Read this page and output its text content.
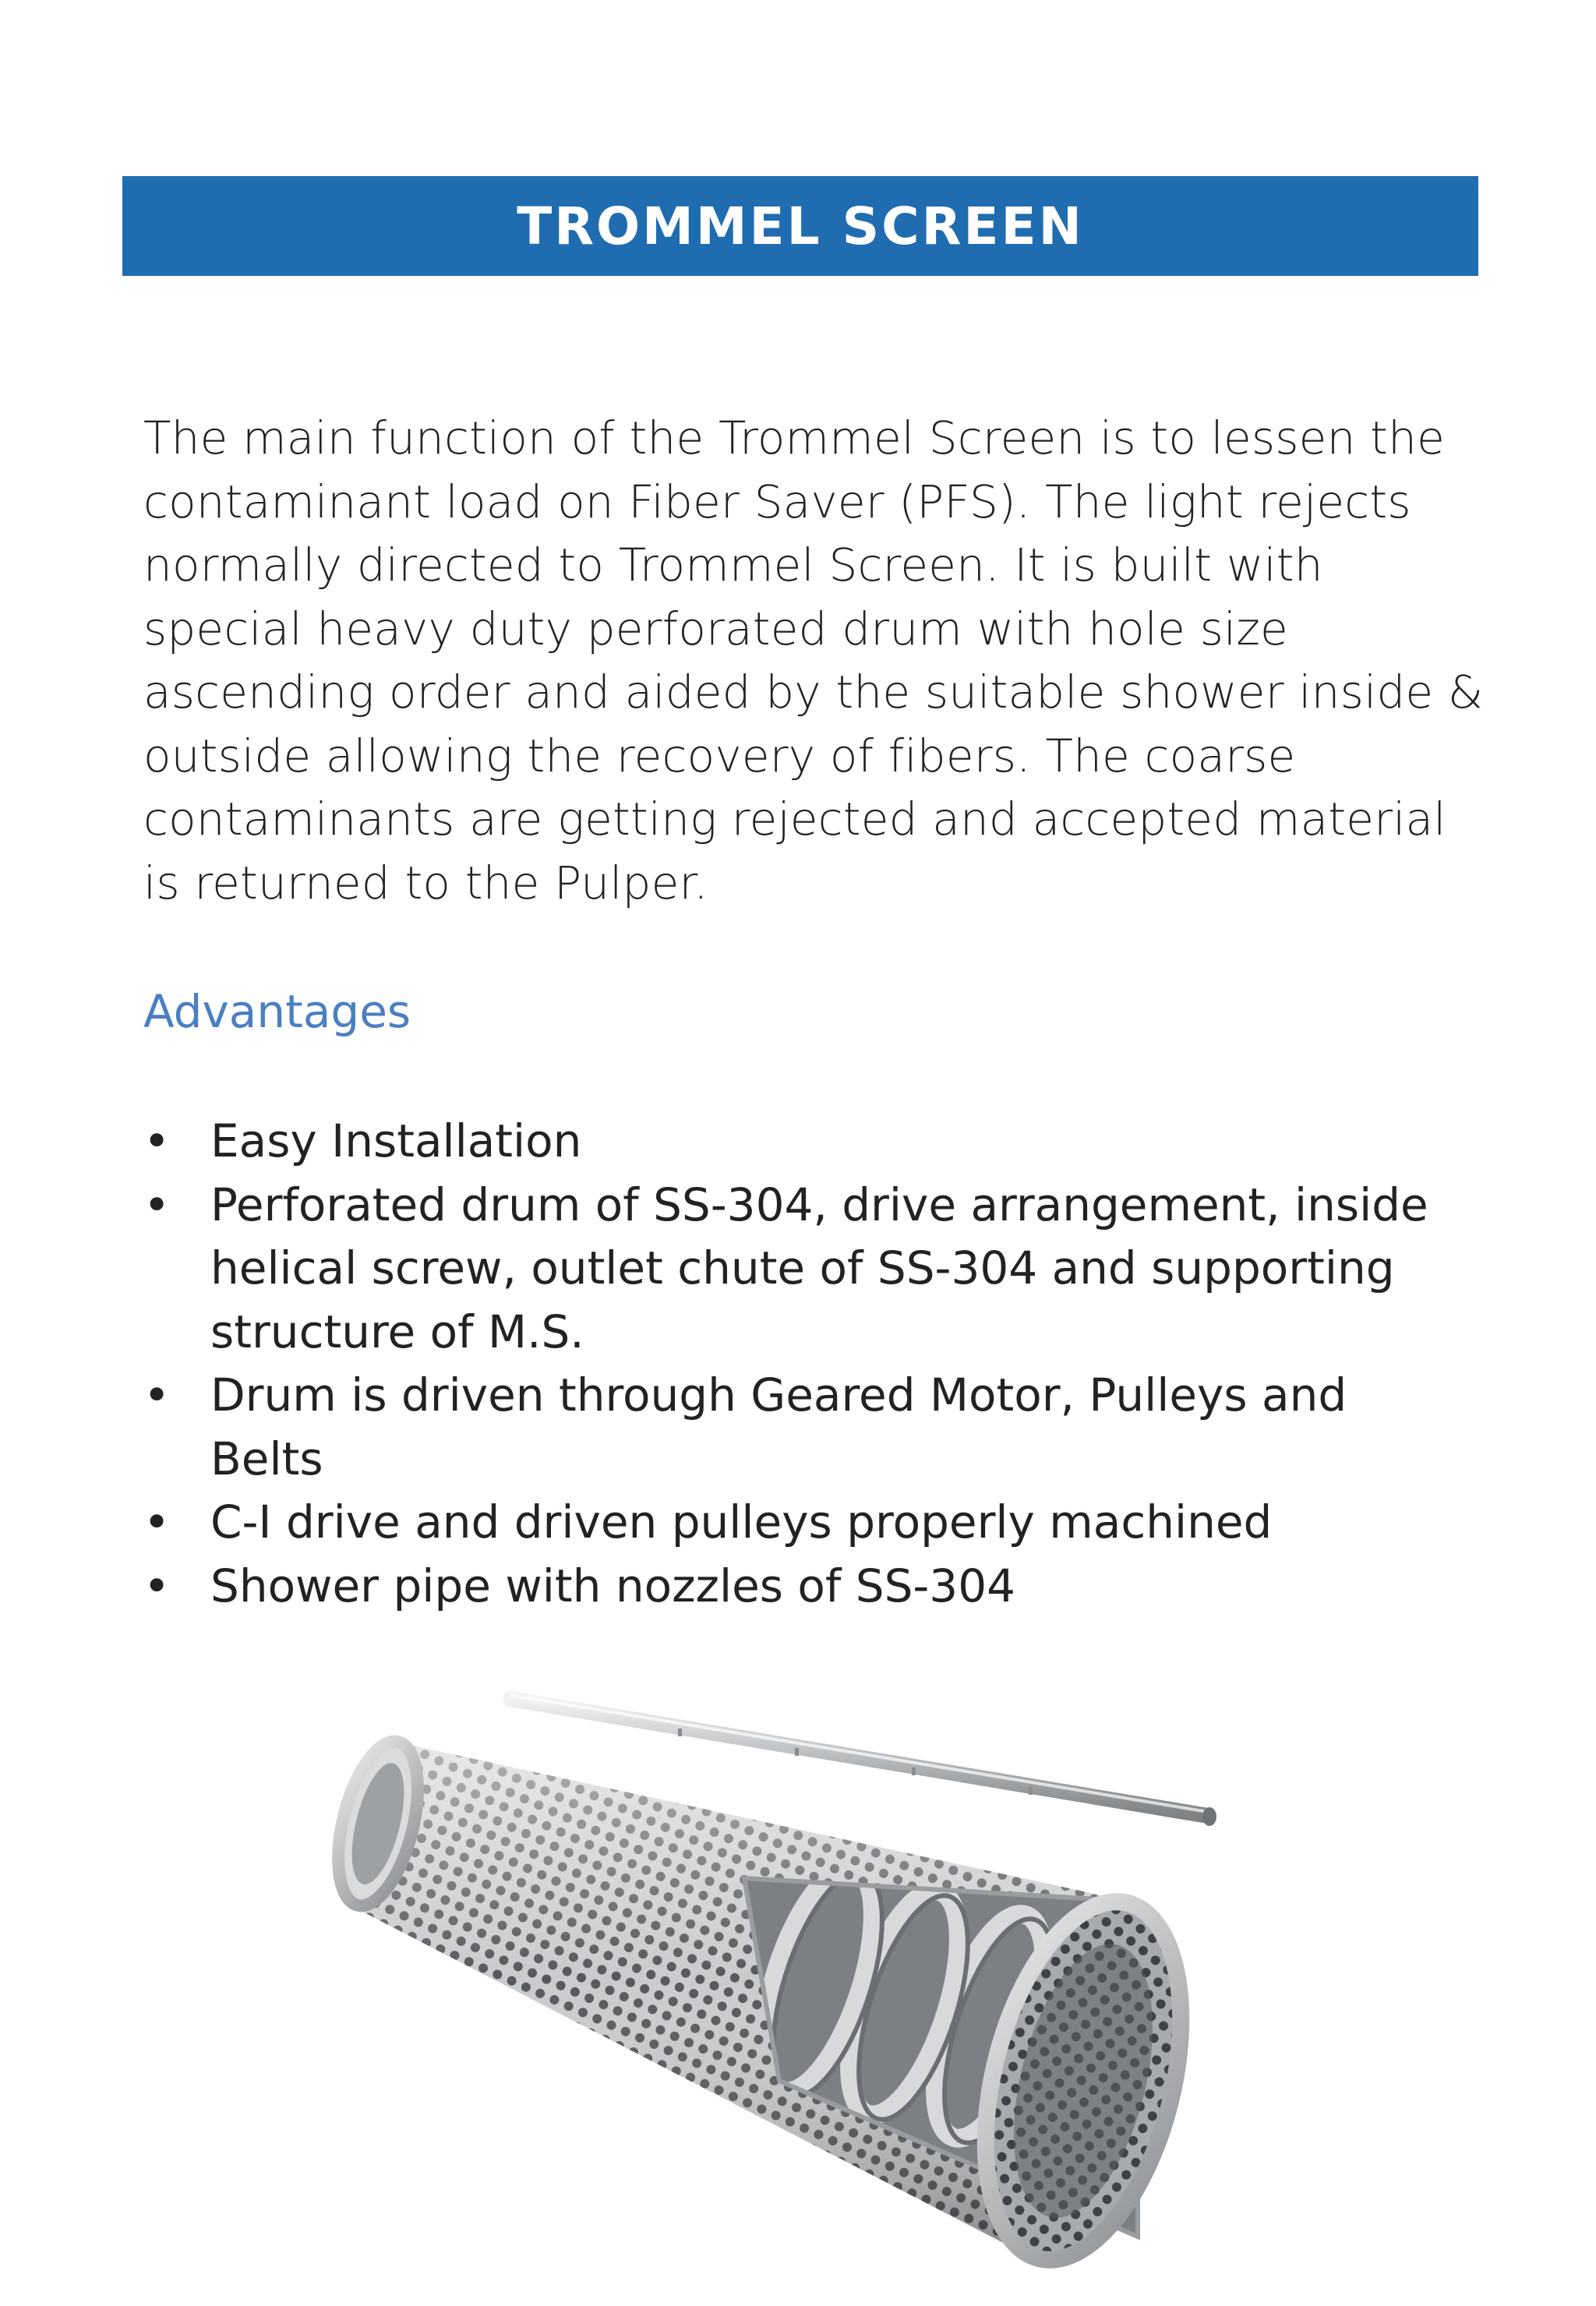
TROMMEL SCREEN

The main function of the Trommel Screen is to lessen the contaminant load on Fiber Saver (PFS). The light rejects normally directed to Trommel Screen. It is built with special heavy duty perforated drum with hole size ascending order and aided by the suitable shower inside & outside allowing the recovery of fibers. The coarse contaminants are getting rejected and accepted material is returned to the Pulper.

Advantages
• Easy Installation
• Perforated drum of SS-304, drive arrangement, inside helical screw, outlet chute of SS-304 and supporting structure of M.S.
• Drum is driven through Geared Motor, Pulleys and Belts
• C-I drive and driven pulleys properly machined
• Shower pipe with nozzles of SS-304
